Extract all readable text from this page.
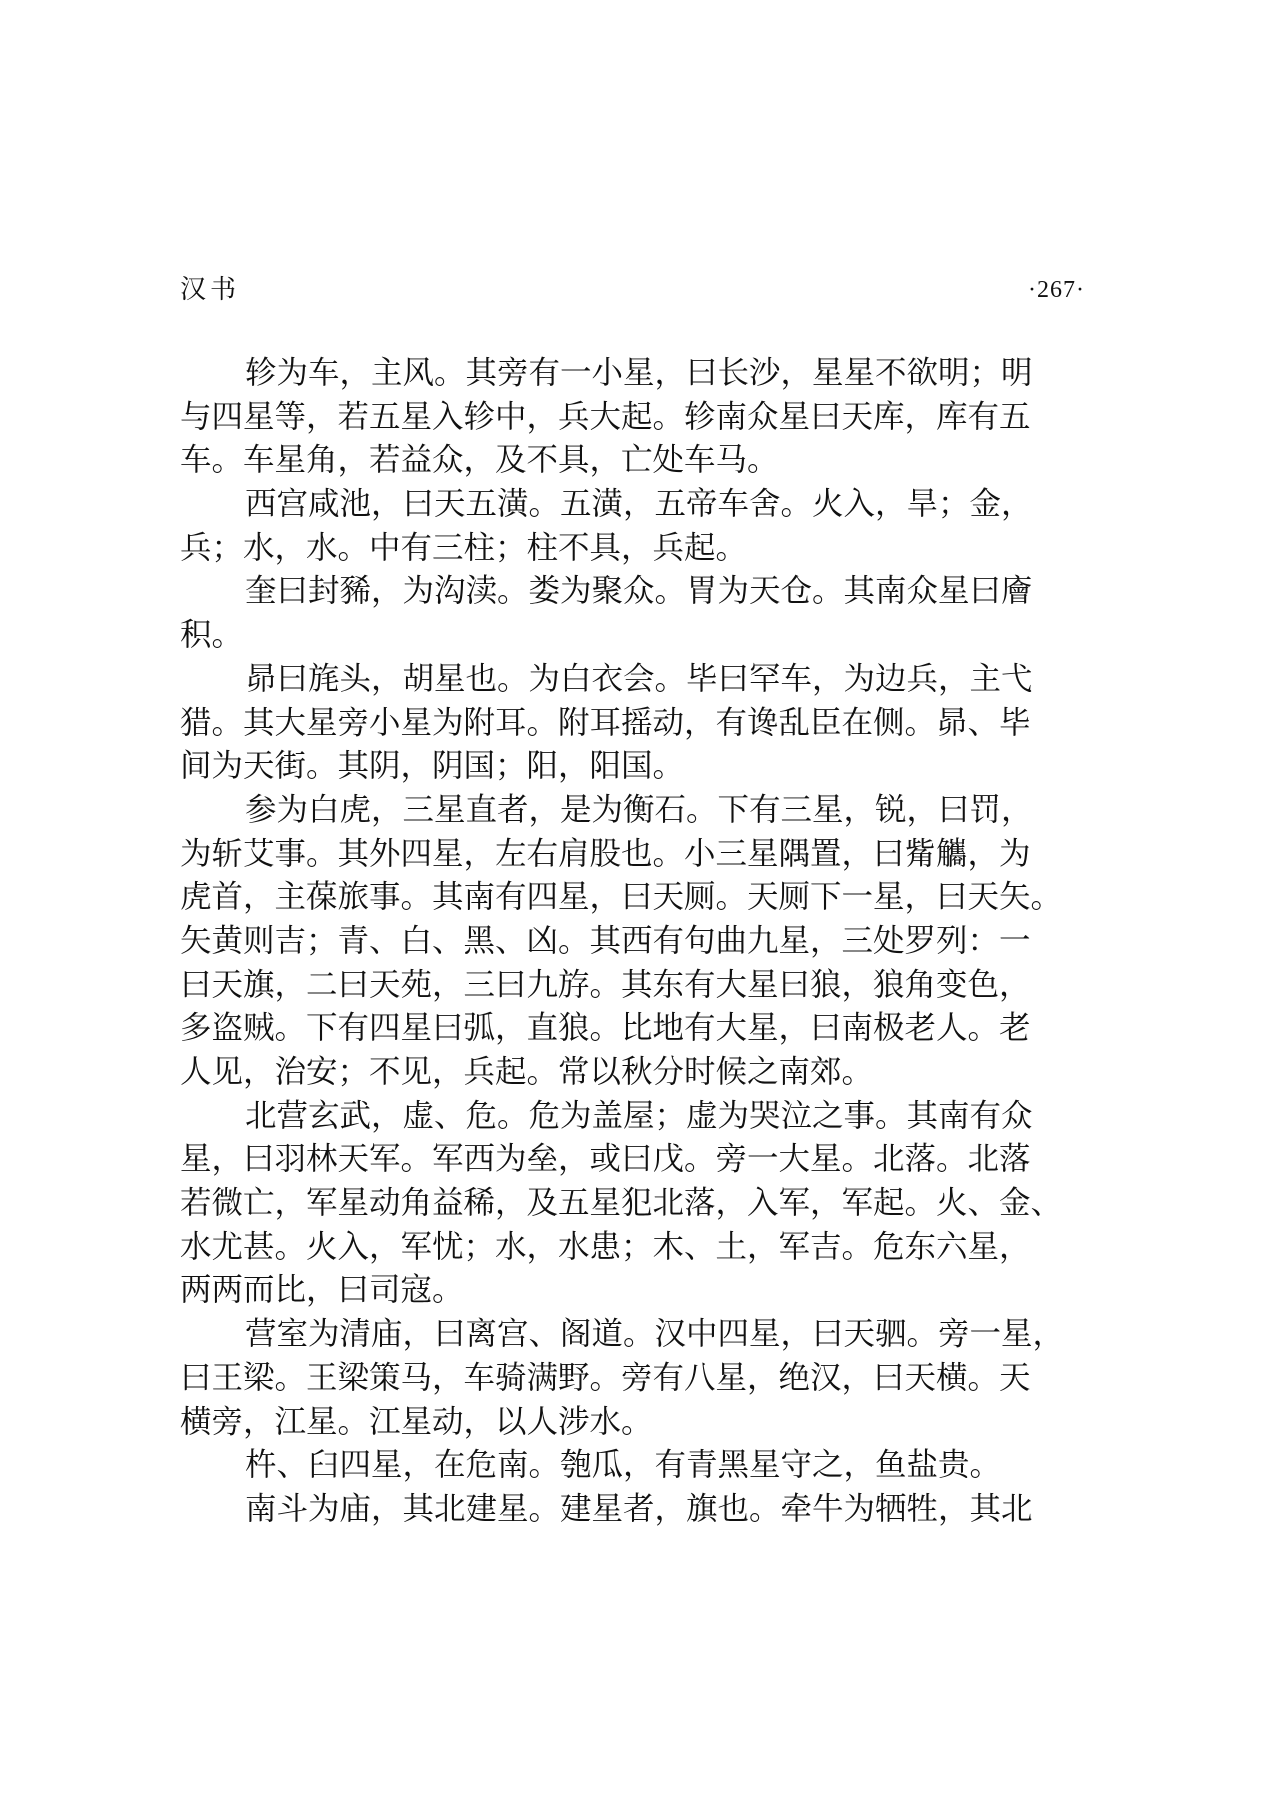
汉书	·267·
轸为车，主风。其旁有一小星，曰长沙，星星不欲明；明
与四星等，若五星入轸中，兵大起。轸南众星曰天库，库有五
车。车星角，若益众，及不具，亡处车马。
西宫咸池，曰天五潢。五潢，五帝车舍。火入，旱；金，
兵；水，水。中有三柱；柱不具，兵起。
奎曰封豨，为沟渎。娄为聚众。胃为天仓。其南众星曰廥
积。
昴曰旄头，胡星也。为白衣会。毕曰罕车，为边兵，主弋
猎。其大星旁小星为附耳。附耳摇动，有谗乱臣在侧。昴、毕
间为天街。其阴，阴国；阳，阳国。
参为白虎，三星直者，是为衡石。下有三星，锐，曰罚，
为斩艾事。其外四星，左右肩股也。小三星隅置，曰觜觿，为
虎首，主葆旅事。其南有四星，曰天厕。天厕下一星，曰天矢。
矢黄则吉；青、白、黑、凶。其西有句曲九星，三处罗列：一
曰天旗，二曰天苑，三曰九斿。其东有大星曰狼，狼角变色，
多盗贼。下有四星曰弧，直狼。比地有大星，曰南极老人。老
人见，治安；不见，兵起。常以秋分时候之南郊。
北营玄武，虚、危。危为盖屋；虚为哭泣之事。其南有众
星，曰羽林天军。军西为垒，或曰戊。旁一大星。北落。北落
若微亡，军星动角益稀，及五星犯北落，入军，军起。火、金、
水尤甚。火入，军忧；水，水患；木、土，军吉。危东六星，
两两而比，曰司寇。
营室为清庙，曰离宫、阁道。汉中四星，曰天驷。旁一星，
曰王梁。王梁策马，车骑满野。旁有八星，绝汉，曰天横。天
横旁，江星。江星动，以人涉水。
杵、臼四星，在危南。匏瓜，有青黑星守之，鱼盐贵。
南斗为庙，其北建星。建星者，旗也。牵牛为牺牲，其北
